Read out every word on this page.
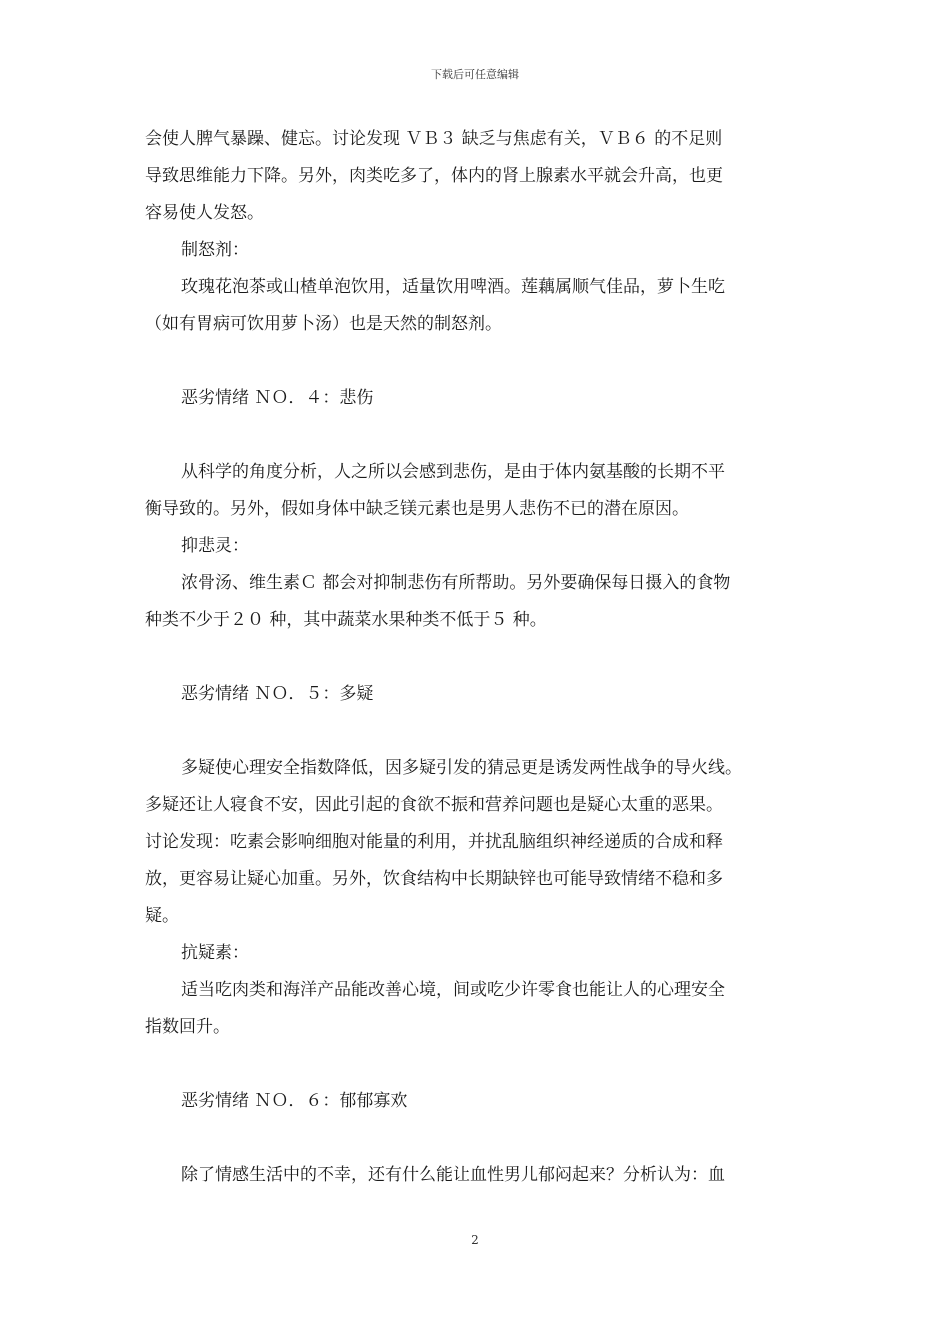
下载后可任意编辑

会使人脾气暴躁、健忘。讨论发现 ＶＢ３ 缺乏与焦虑有关，ＶＢ６ 的不足则

导致思维能力下降。另外，肉类吃多了，体内的肾上腺素水平就会升高，也更

容易使人发怒。

制怒剂：

玫瑰花泡茶或山楂单泡饮用，适量饮用啤酒。莲藕属顺气佳品，萝卜生吃

（如有胃病可饮用萝卜汤）也是天然的制怒剂。

恶劣情绪 ＮＯ．４：悲伤

从科学的角度分析，人之所以会感到悲伤，是由于体内氨基酸的长期不平

衡导致的。另外，假如身体中缺乏镁元素也是男人悲伤不已的潜在原因。

抑悲灵：

浓骨汤、维生素Ｃ 都会对抑制悲伤有所帮助。另外要确保每日摄入的食物

种类不少于２０ 种，其中蔬菜水果种类不低于５ 种。

恶劣情绪 ＮＯ．５：多疑

多疑使心理安全指数降低，因多疑引发的猜忌更是诱发两性战争的导火线。

多疑还让人寝食不安，因此引起的食欲不振和营养问题也是疑心太重的恶果。

讨论发现：吃素会影响细胞对能量的利用，并扰乱脑组织神经递质的合成和释

放，更容易让疑心加重。另外，饮食结构中长期缺锌也可能导致情绪不稳和多

疑。

抗疑素：

适当吃肉类和海洋产品能改善心境，间或吃少许零食也能让人的心理安全

指数回升。

恶劣情绪 ＮＯ．６：郁郁寡欢

除了情感生活中的不幸，还有什么能让血性男儿郁闷起来？分析认为：血

2
